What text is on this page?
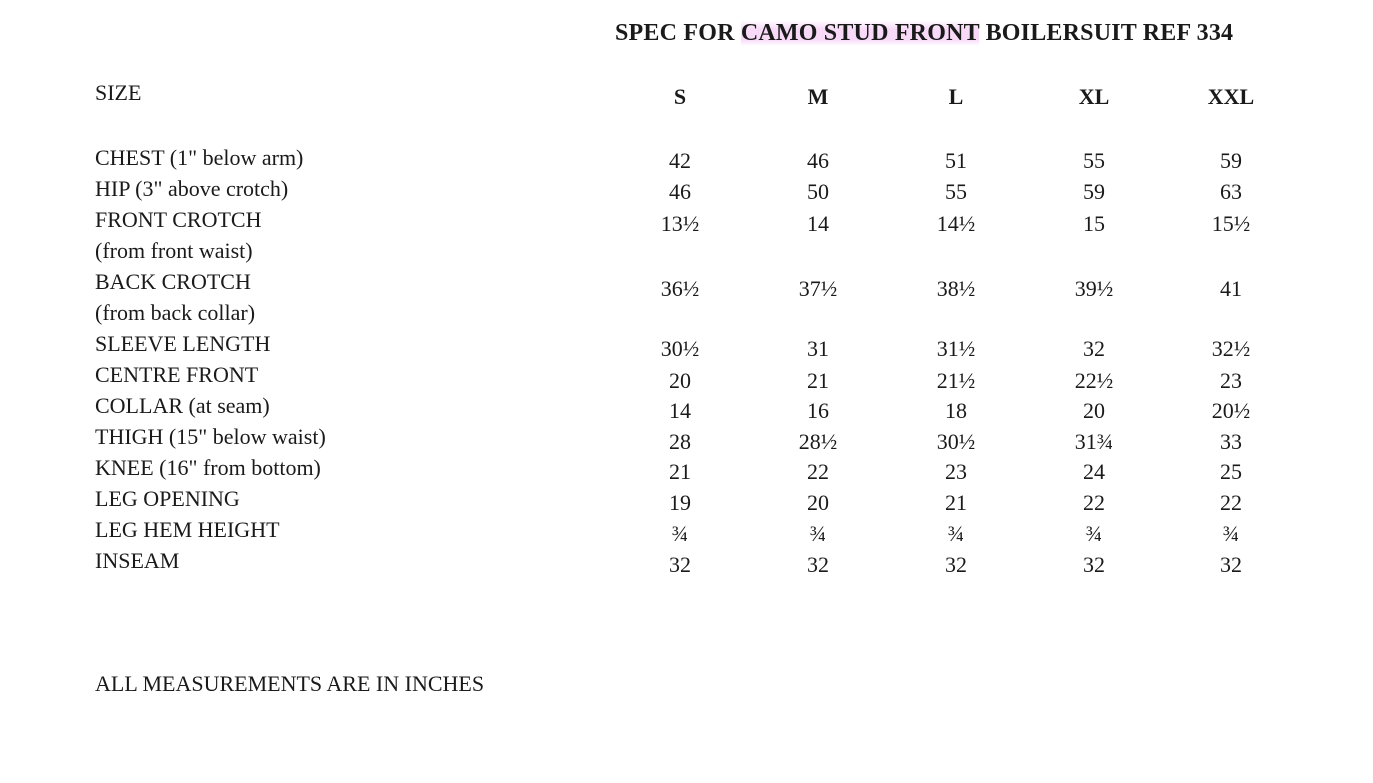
SPEC FOR CAMO STUD FRONT BOILERSUIT REF 334
SIZE	S	M	L	XL	XXL
CHEST (1" below arm)	42	46	51	55	59
HIP (3" above crotch)	46	50	55	59	63
FRONT CROTCH
(from front waist)
13½	14	14½	15	15½
BACK CROTCH
(from back collar)
36½	37½	38½	39½	41
SLEEVE LENGTH	30½	31	31½	32	32½
CENTRE FRONT	20	21	21½	22½	23
COLLAR (at seam)	14	16	18	20	20½
THIGH (15" below waist)	28	28½	30½	31¾	33
KNEE (16" from bottom)	21	22	23	24	25
LEG OPENING	19	20	21	22	22
LEG HEM HEIGHT	¾	¾	¾	¾	¾
INSEAM	32	32	32	32	32
ALL MEASUREMENTS ARE IN INCHES
